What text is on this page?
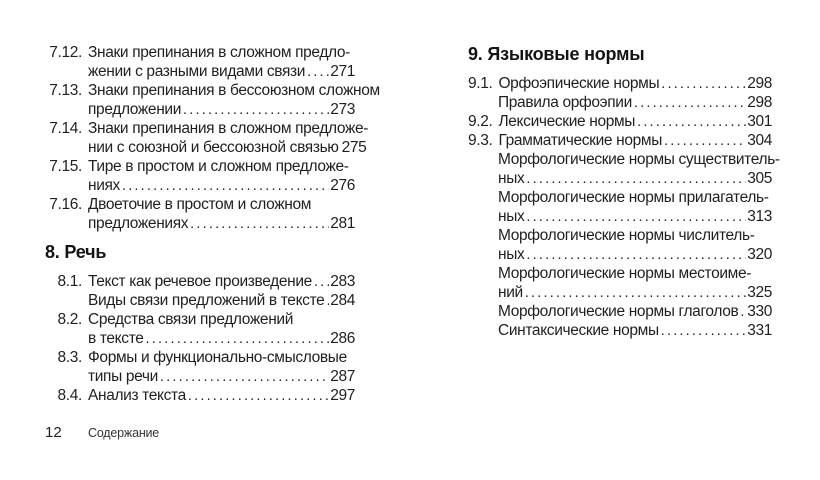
7.12. Знаки препинания в сложном предло-
жении с разными видами связи ..... 271
7.13. Знаки препинания в бессоюзном сложном
предложении .....	273
7.14. Знаки препинания в сложном предложе-
нии с союзной и бессоюзной связью 275
7.15. Тире в простом и сложном предложе-
ниях .....	276
7.16. Двоеточие в простом и сложном
предложениях .....	281
8. Речь
8.1. Текст как речевое произведение ..... 283
Виды связи предложений в тексте ..... 284
8.2. Средства связи предложений
в тексте .....	286
8.3. Формы и функционально-смысловые
типы речи .....	287
8.4. Анализ текста .....	297
9. Языковые нормы
9.1. Орфоэпические нормы .....	298
Правила орфоэпии .....	298
9.2. Лексические нормы .....	301
9.3. Грамматические нормы .....	304
Морфологические нормы существитель-
ных .....	305
Морфологические нормы прилагатель-
ных .....	313
Морфологические нормы числитель-
ных .....	320
Морфологические нормы местоиме-
ний .....	325
Морфологические нормы глаголов ..... 330
Синтаксические нормы .....	331
12	Содержание
